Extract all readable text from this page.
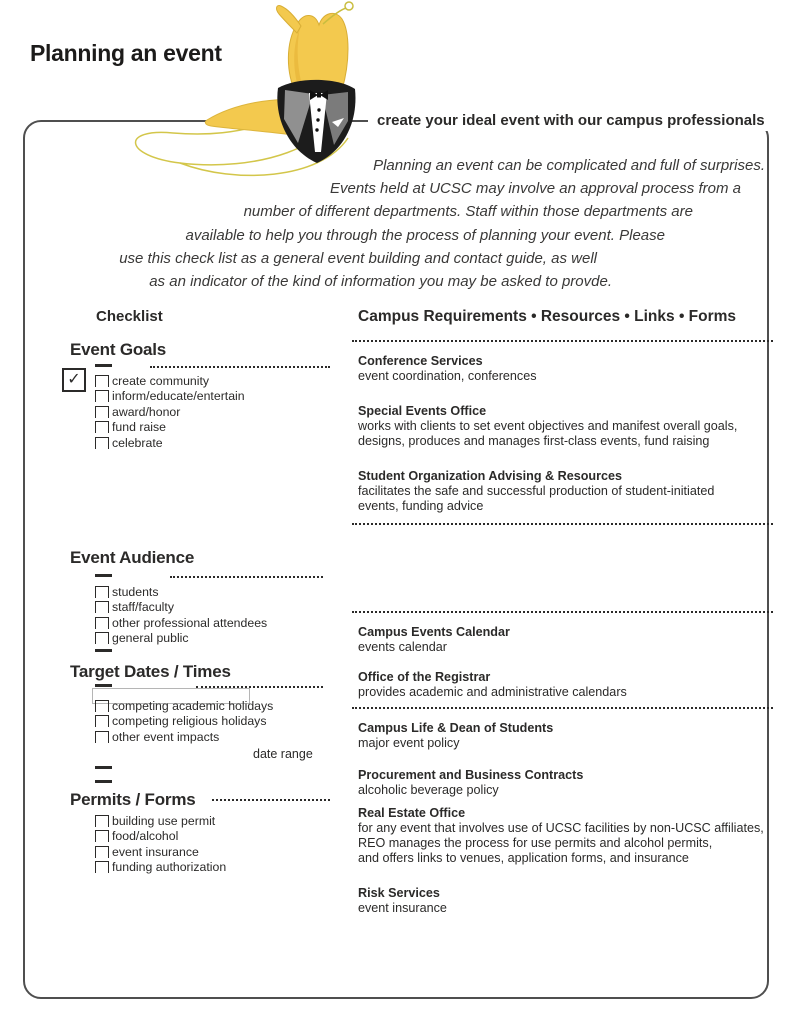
Planning an event
create your ideal event with our campus professionals
Planning an event can be complicated and full of surprises.
Events held at UCSC may involve an approval process from a
number of different departments. Staff within those departments are
available to help you through the process of planning your event. Please
use this check list as a general event building and contact guide, as well
as an indicator of the kind of information you may be asked to provde.
Checklist
Event Goals
✓	create community
inform/educate/entertain
award/honor
fund raise
celebrate
Event Audience
students
staff/faculty
other professional attendees
general public
Target Dates / Times
competing academic holidays
competing religious holidays
other event impacts
date range
Permits / Forms
building use permit
food/alcohol
event insurance
funding authorization
Campus Requirements • Resources • Links • Forms
Conference Services
event coordination, conferences
Special Events Office
works with clients to set event objectives and manifest overall goals,
designs, produces and manages first-class events, fund raising
Student Organization Advising & Resources
facilitates the safe and successful production of student-initiated
events, funding advice
Campus Events Calendar
events calendar
Office of the Registrar
provides academic and administrative calendars
Campus Life & Dean of Students
major event policy
Procurement and Business Contracts
alcoholic beverage policy
Real Estate Office
for any event that involves use of UCSC facilities by non-UCSC affiliates,
REO manages the process for use permits and alcohol permits,
and offers links to venues, application forms, and insurance
Risk Services
event insurance
